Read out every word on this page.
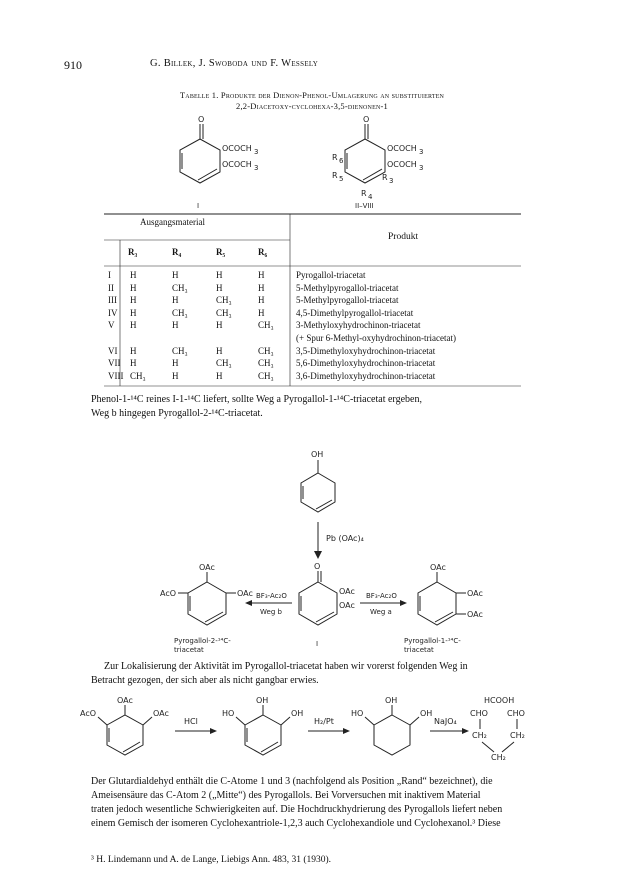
910	G. Billek, J. Swoboda und F. Wessely
Tabelle 1. Produkte der Dienon-Phenol-Umlagerung an substituierten
2,2-Diacetoxy-cyclohexa-3,5-dienonen-1
O
OCOCH 3
OCOCH 3
I
O
OCOCH 3
OCOCH 3
R 6
R 5	R 3
R 4
II–VIII
OH
Pb (OAc)₄
OAc
AcO	OAc
Pyrogallol-2-¹⁴C-
triacetat
BF₃-Ac₂O
Weg b
O
OAc
OAc
I
BF₃-Ac₂O
Weg a
OAc
OAc
OAc
Pyrogallol-1-¹⁴C-
triacetat
OAc
AcO	OAc
HCl
OH
HO	OH
H₂/Pt
OH
HO	OH
NaJO₄
HCOOH
CHO CHO
CH₂	CH₂
CH₂
Ausgangsmaterial
Produkt
R₃	R₄	R₅	R₆
I H	H	H	H	Pyrogallol-triacetat
II H	CH₃	H	H	5-Methylpyrogallol-triacetat
III H	H	CH₃	H	5-Methylpyrogallol-triacetat
IV H	CH₃	CH₃	H	4,5-Dimethylpyrogallol-triacetat
V H	H	H	CH₃ 3-Methyloxyhydrochinon-triacetat
(+ Spur 6-Methyl-oxyhydrochinon-triacetat)
VI H	CH₃	H	CH₃ 3,5-Dimethyloxyhydrochinon-triacetat
VII H	H	CH₃	CH₃ 5,6-Dimethyloxyhydrochinon-triacetat
VIII CH₃	H	H	CH₃ 3,6-Dimethyloxyhydrochinon-triacetat
Phenol-1-¹⁴C reines I-1-¹⁴C liefert, sollte Weg a Pyrogallol-1-¹⁴C-triacetat ergeben,
Weg b hingegen Pyrogallol-2-¹⁴C-triacetat.
Zur Lokalisierung der Aktivität im Pyrogallol-triacetat haben wir vorerst folgenden Weg in
Betracht gezogen, der sich aber als nicht gangbar erwies.
Der Glutardialdehyd enthält die C-Atome 1 und 3 (nachfolgend als Position „Rand“ bezeichnet), die
Ameisensäure das C-Atom 2 („Mitte“) des Pyrogallols. Bei Vorversuchen mit inaktivem Material
traten jedoch wesentliche Schwierigkeiten auf. Die Hochdruckhydrierung des Pyrogallols liefert neben
einem Gemisch der isomeren Cyclohexantriole-1,2,3 auch Cyclohexandiole und Cyclohexanol.³ Diese
³ H. Lindemann und A. de Lange, Liebigs Ann. 483, 31 (1930).
